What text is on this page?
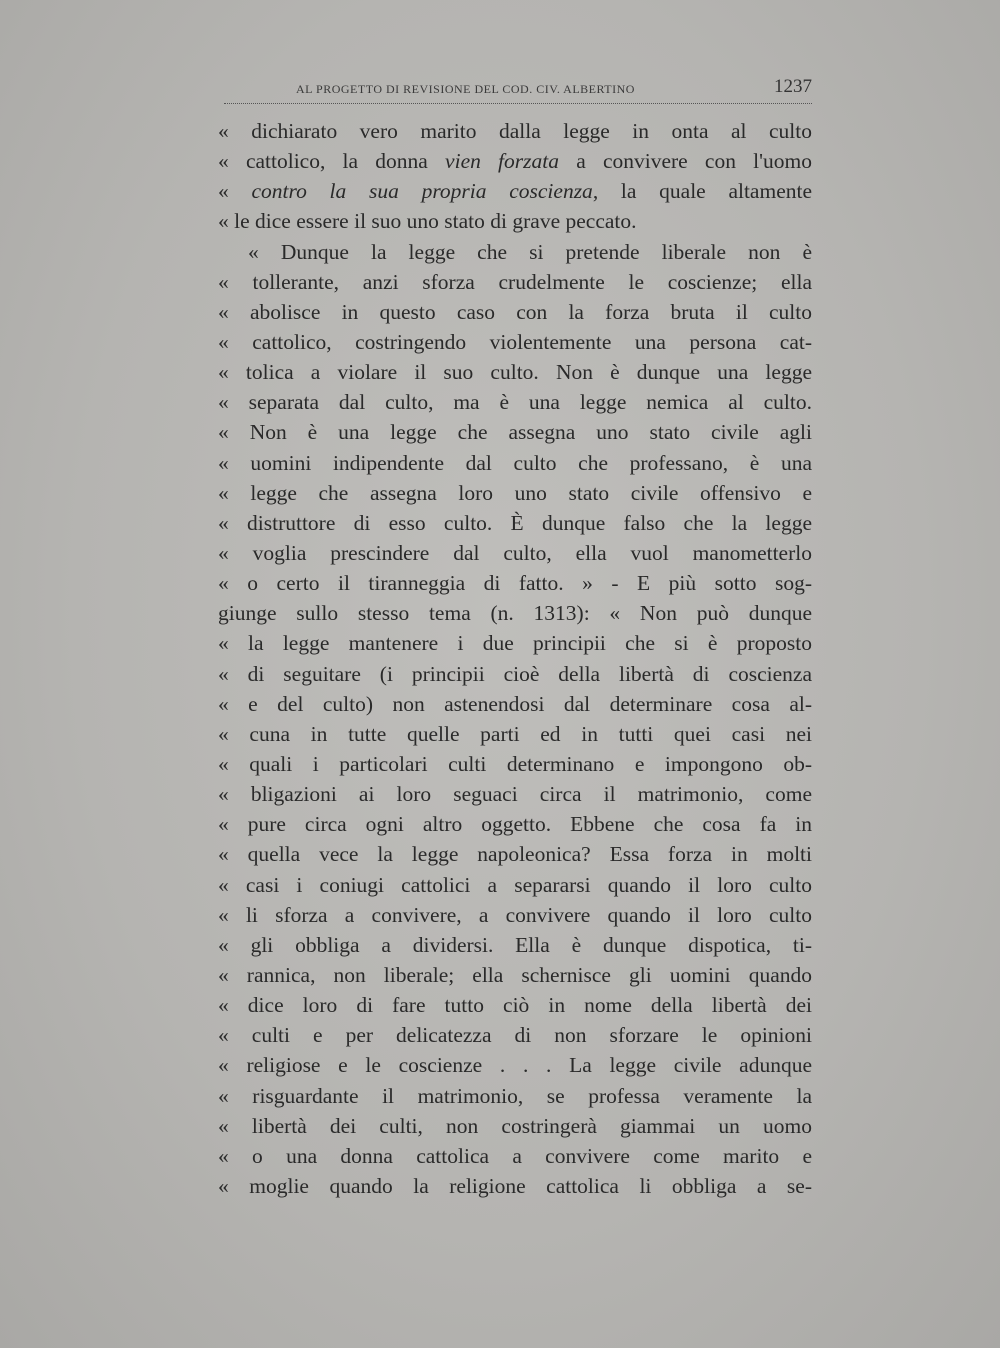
AL PROGETTO DI REVISIONE DEL COD. CIV. ALBERTINO	1237
« dichiarato vero marito dalla legge in onta al culto
« cattolico, la donna vien forzata a convivere con l'uomo
« contro la sua propria coscienza, la quale altamente
« le dice essere il suo uno stato di grave peccato.
« Dunque la legge che si pretende liberale non è
« tollerante, anzi sforza crudelmente le coscienze; ella
« abolisce in questo caso con la forza bruta il culto
« cattolico, costringendo violentemente una persona cat-
« tolica a violare il suo culto. Non è dunque una legge
« separata dal culto, ma è una legge nemica al culto.
« Non è una legge che assegna uno stato civile agli
« uomini indipendente dal culto che professano, è una
« legge che assegna loro uno stato civile offensivo e
« distruttore di esso culto. È dunque falso che la legge
« voglia prescindere dal culto, ella vuol manometterlo
« o certo il tiranneggia di fatto. » - E più sotto sog-
giunge sullo stesso tema (n. 1313): « Non può dunque
« la legge mantenere i due principii che si è proposto
« di seguitare (i principii cioè della libertà di coscienza
« e del culto) non astenendosi dal determinare cosa al-
« cuna in tutte quelle parti ed in tutti quei casi nei
« quali i particolari culti determinano e impongono ob-
« bligazioni ai loro seguaci circa il matrimonio, come
« pure circa ogni altro oggetto. Ebbene che cosa fa in
« quella vece la legge napoleonica? Essa forza in molti
« casi i coniugi cattolici a separarsi quando il loro culto
« li sforza a convivere, a convivere quando il loro culto
« gli obbliga a dividersi. Ella è dunque dispotica, ti-
« rannica, non liberale; ella schernisce gli uomini quando
« dice loro di fare tutto ciò in nome della libertà dei
« culti e per delicatezza di non sforzare le opinioni
« religiose e le coscienze . . . La legge civile adunque
« risguardante il matrimonio, se professa veramente la
« libertà dei culti, non costringerà giammai un uomo
« o una donna cattolica a convivere come marito e
« moglie quando la religione cattolica li obbliga a se-
